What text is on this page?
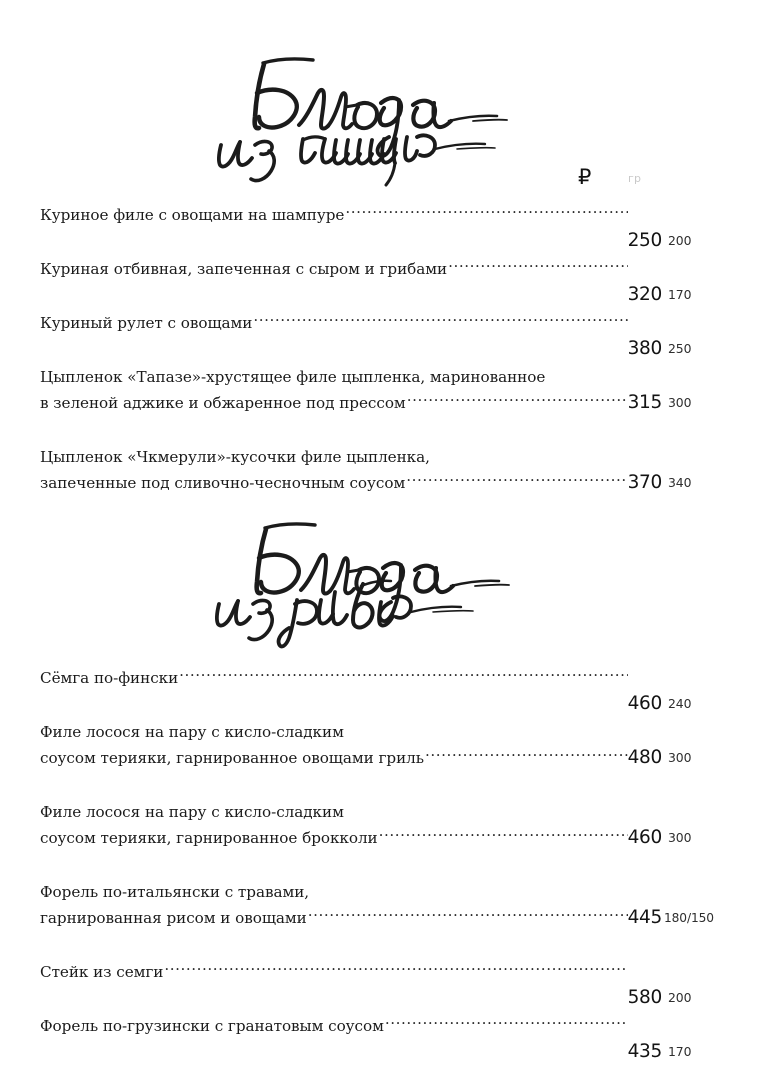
₽	гр
Куриное филе с овощами на шампуре
.....
250 200
Куриная отбивная, запеченная с сыром и грибами
.....
320 170
Куриный рулет с овощами
.....
380 250
Цыпленок «Тапазе»-хрустящее филе цыпленка, маринованное
в зеленой аджике и обжаренное под прессом .....	315 300
Цыпленок «Чкмерули»-кусочки филе цыпленка,
запеченные под сливочно-чесночным соусом .....	370 340
Сёмга по-фински
.....
460 240
Филе лосося на пару с кисло-сладким
соусом терияки, гарнированное овощами гриль .....	480 300
Филе лосося на пару с кисло-сладким
соусом терияки, гарнированное брокколи .....	460 300
Форель по-итальянски с травами,
гарнированная рисом и овощами .....	445 180/150
Стейк из семги
.....
580 200
Форель по-грузински с гранатовым соусом
.....
435 170
